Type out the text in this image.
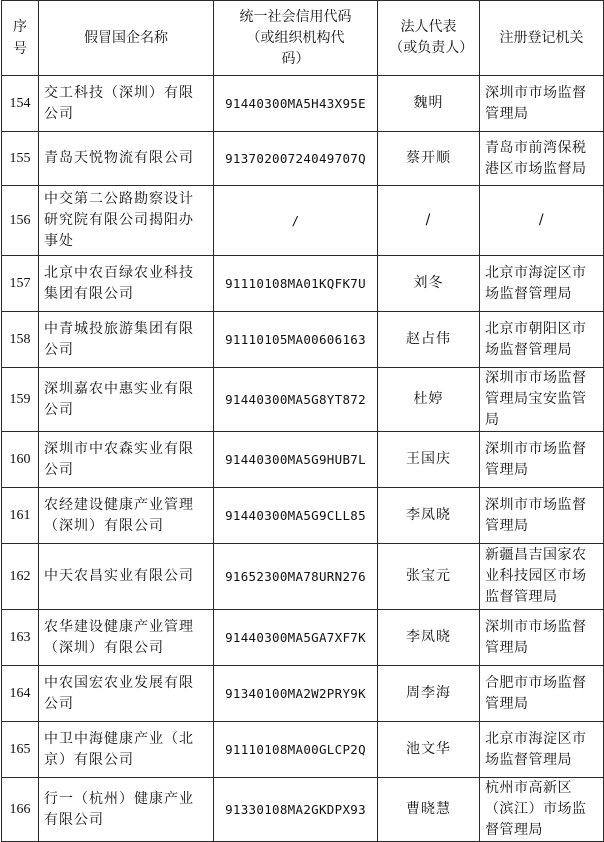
序号	假冒国企名称	统一社会信用代码（或组织机构代码）	法人代表（或负责人）	注册登记机关

154	交工科技（深圳）有限
公司	91440300MA5H43X95E	魏明	深圳市市场监督
管理局

155	青岛天悦物流有限公司	91370200724049707Q	蔡开顺	青岛市前湾保税
港区市场监督局

156	中交第二公路勘察设计
研究院有限公司揭阳办
事处	/	/	/

157	北京中农百绿农业科技
集团有限公司	91110108MA01KQFK7U	刘冬	北京市海淀区市
场监督管理局

158	中青城投旅游集团有限
公司	91110105MA00606163	赵占伟	北京市朝阳区市
场监督管理局

159	深圳嘉农中惠实业有限
公司	91440300MA5G8YT872	杜婷	深圳市市场监督
管理局宝安监管
局

160	深圳市中农森实业有限
公司	91440300MA5G9HUB7L	王国庆	深圳市市场监督
管理局

161	农经建设健康产业管理
（深圳）有限公司	91440300MA5G9CLL85	李凤晓	深圳市市场监督
管理局

162	中天农昌实业有限公司	91652300MA78URN276	张宝元	新疆昌吉国家农
业科技园区市场
监督管理局

163	农华建设健康产业管理
（深圳）有限公司	91440300MA5GA7XF7K	李凤晓	深圳市市场监督
管理局

164	中农国宏农业发展有限
公司	91340100MA2W2PRY9K	周李海	合肥市市场监督
管理局

165	中卫中海健康产业（北
京）有限公司	91110108MA00GLCP2Q	池文华	北京市海淀区市
场监督管理局

166	行一（杭州）健康产业
有限公司	91330108MA2GKDPX93	曹晓慧	杭州市高新区
（滨江）市场监
督管理局
